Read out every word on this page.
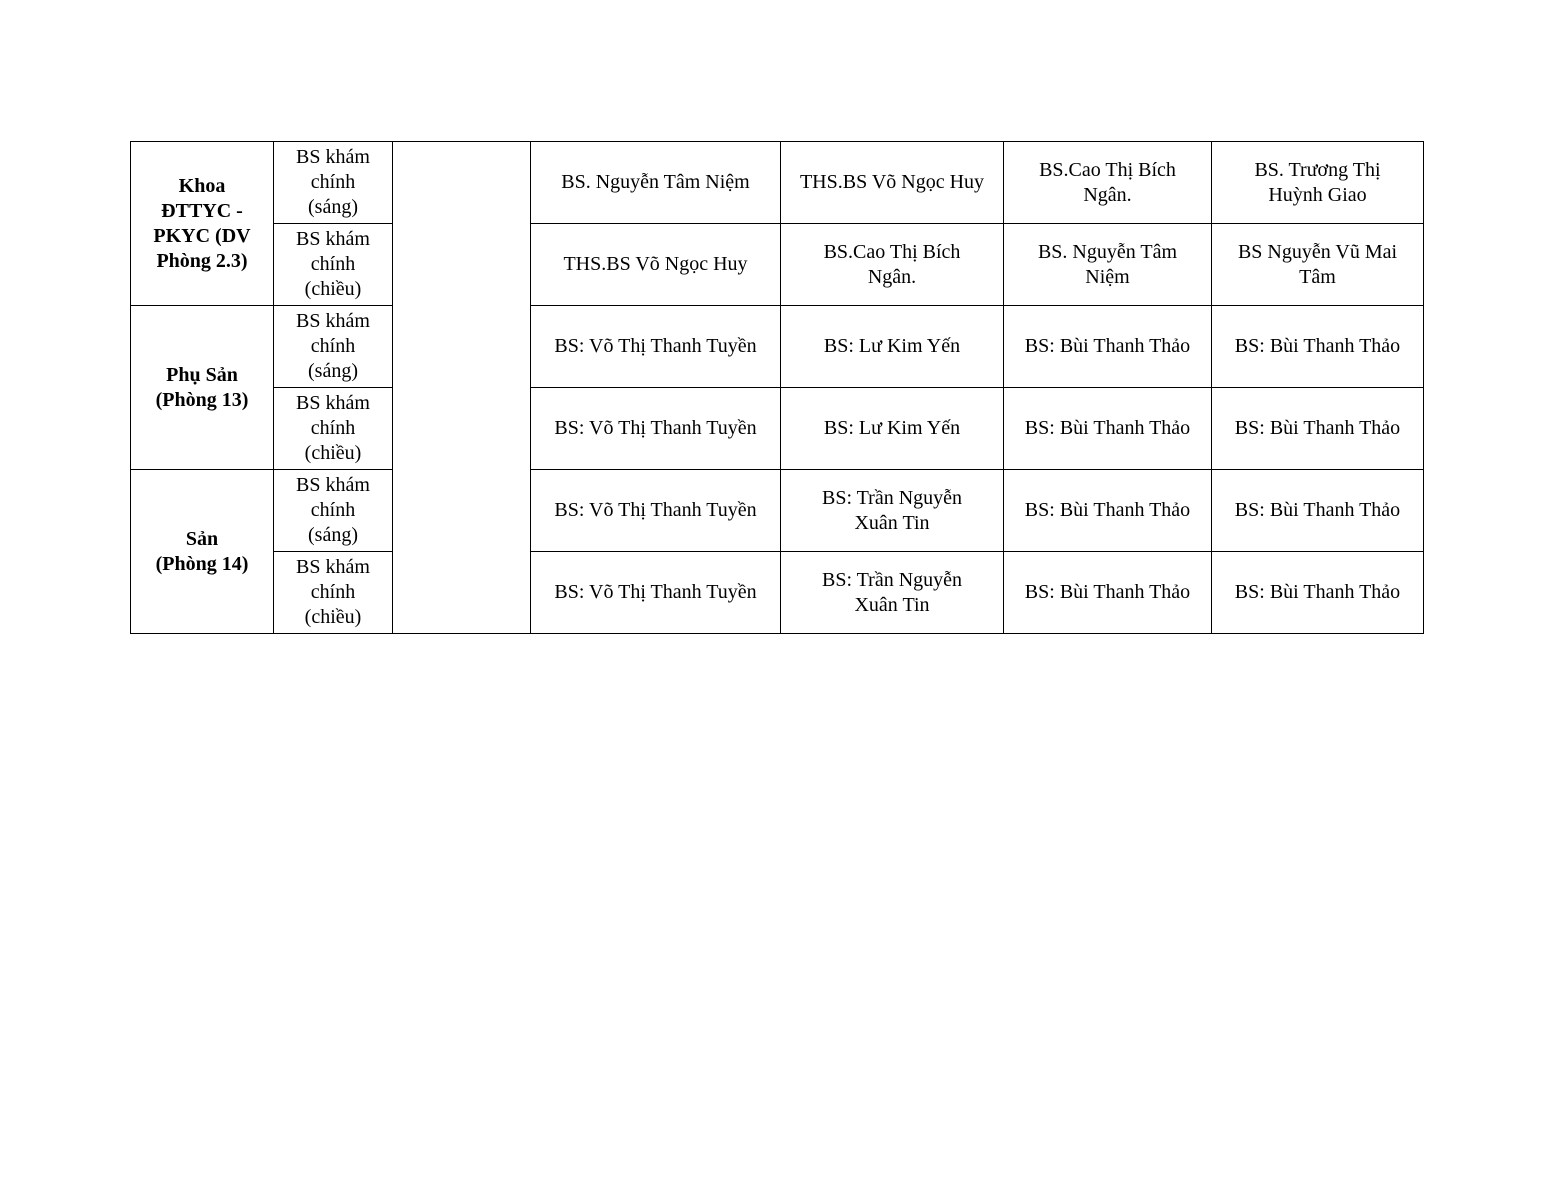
Khoa
ĐTTYC -
PKYC (DV
Phòng 2.3)	BS khám
chính
(sáng)		BS. Nguyễn Tâm Niệm	THS.BS Võ Ngọc Huy	BS.Cao Thị Bích
Ngân.	BS. Trương Thị
Huỳnh Giao
	BS khám
chính
(chiều)		THS.BS Võ Ngọc Huy	BS.Cao Thị Bích
Ngân.	BS. Nguyễn Tâm
Niệm	BS Nguyễn Vũ Mai
Tâm
Phụ Sản
(Phòng 13)	BS khám
chính
(sáng)		BS: Võ Thị Thanh Tuyền	BS: Lư Kim Yến	BS: Bùi Thanh Thảo	BS: Bùi Thanh Thảo
	BS khám
chính
(chiều)		BS: Võ Thị Thanh Tuyền	BS: Lư Kim Yến	BS: Bùi Thanh Thảo	BS: Bùi Thanh Thảo
Sản
(Phòng 14)	BS khám
chính
(sáng)		BS: Võ Thị Thanh Tuyền	BS: Trần Nguyễn
Xuân Tin	BS: Bùi Thanh Thảo	BS: Bùi Thanh Thảo
	BS khám
chính
(chiều)		BS: Võ Thị Thanh Tuyền	BS: Trần Nguyễn
Xuân Tin	BS: Bùi Thanh Thảo	BS: Bùi Thanh Thảo
